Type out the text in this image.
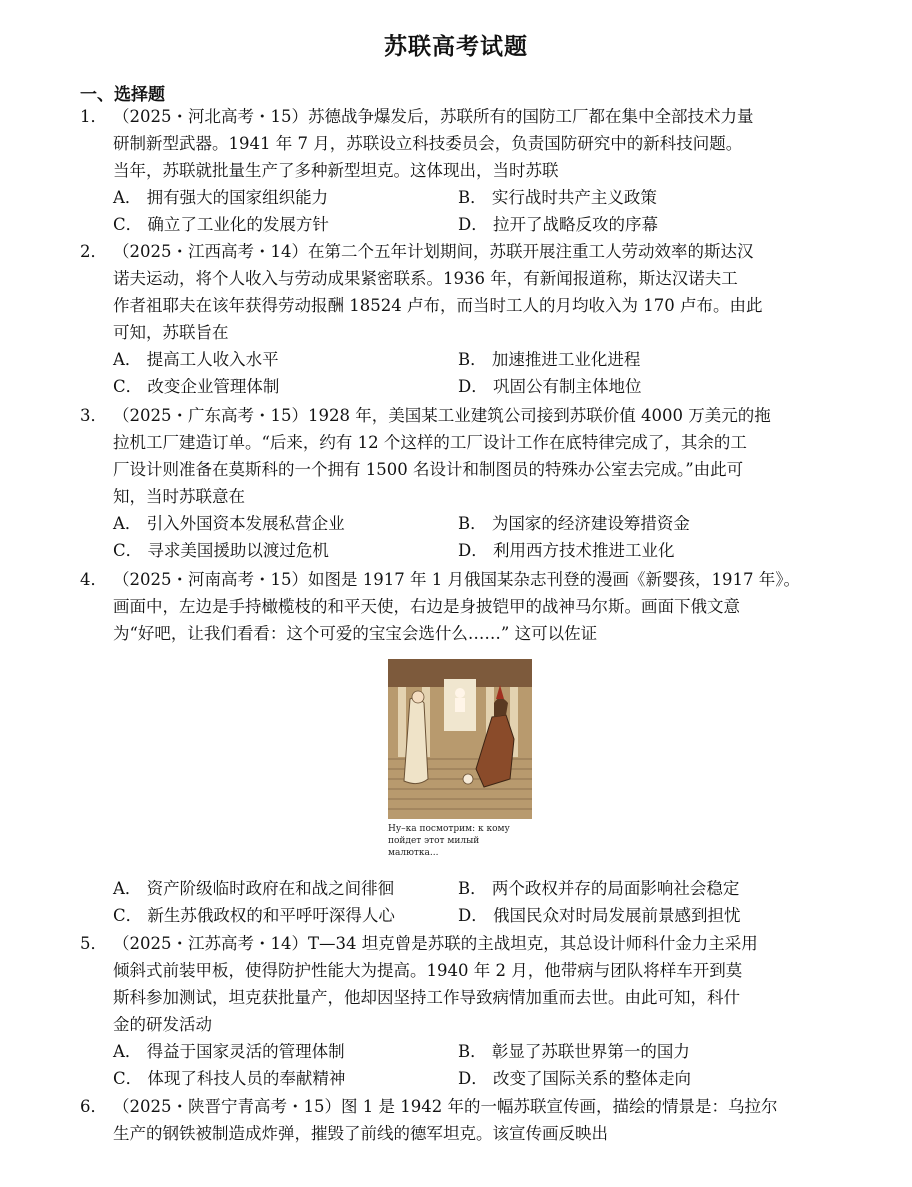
苏联高考试题
一、选择题
1． （2025・河北高考・15）苏德战争爆发后，苏联所有的国防工厂都在集中全部技术力量
研制新型武器。1941 年 7 月，苏联设立科技委员会，负责国防研究中的新科技问题。
当年，苏联就批量生产了多种新型坦克。这体现出，当时苏联
A． 拥有强大的国家组织能力	B． 实行战时共产主义政策
C． 确立了工业化的发展方针	D． 拉开了战略反攻的序幕
2． （2025・江西高考・14）在第二个五年计划期间，苏联开展注重工人劳动效率的斯达汉
诺夫运动，将个人收入与劳动成果紧密联系。1936 年，有新闻报道称，斯达汉诺夫工
作者祖耶夫在该年获得劳动报酬 18524 卢布，而当时工人的月均收入为 170 卢布。由此
可知，苏联旨在
A． 提高工人收入水平	B． 加速推进工业化进程
C． 改变企业管理体制	D． 巩固公有制主体地位
3． （2025・广东高考・15）1928 年，美国某工业建筑公司接到苏联价值 4000 万美元的拖
拉机工厂建造订单。“后来，约有 12 个这样的工厂设计工作在底特律完成了，其余的工
厂设计则准备在莫斯科的一个拥有 1500 名设计和制图员的特殊办公室去完成。”由此可
知，当时苏联意在
A． 引入外国资本发展私营企业	B． 为国家的经济建设筹措资金
C． 寻求美国援助以渡过危机	D． 利用西方技术推进工业化
4． （2025・河南高考・15）如图是 1917 年 1 月俄国某杂志刊登的漫画《新婴孩，1917 年》。
画面中，左边是手持橄榄枝的和平天使，右边是身披铠甲的战神马尔斯。画面下俄文意
为“好吧，让我们看看：这个可爱的宝宝会选什么……” 这可以佐证
Ну–ка посмотрим: к кому
пойдет этот милый малютка...
A． 资产阶级临时政府在和战之间徘徊	B． 两个政权并存的局面影响社会稳定
C． 新生苏俄政权的和平呼吁深得人心	D． 俄国民众对时局发展前景感到担忧
5． （2025・江苏高考・14）T—34 坦克曾是苏联的主战坦克，其总设计师科什金力主采用
倾斜式前装甲板，使得防护性能大为提高。1940 年 2 月，他带病与团队将样车开到莫
斯科参加测试，坦克获批量产，他却因坚持工作导致病情加重而去世。由此可知，科什
金的研发活动
A． 得益于国家灵活的管理体制	B． 彰显了苏联世界第一的国力
C． 体现了科技人员的奉献精神	D． 改变了国际关系的整体走向
6． （2025・陕晋宁青高考・15）图 1 是 1942 年的一幅苏联宣传画，描绘的情景是：乌拉尔
生产的钢铁被制造成炸弹，摧毁了前线的德军坦克。该宣传画反映出
